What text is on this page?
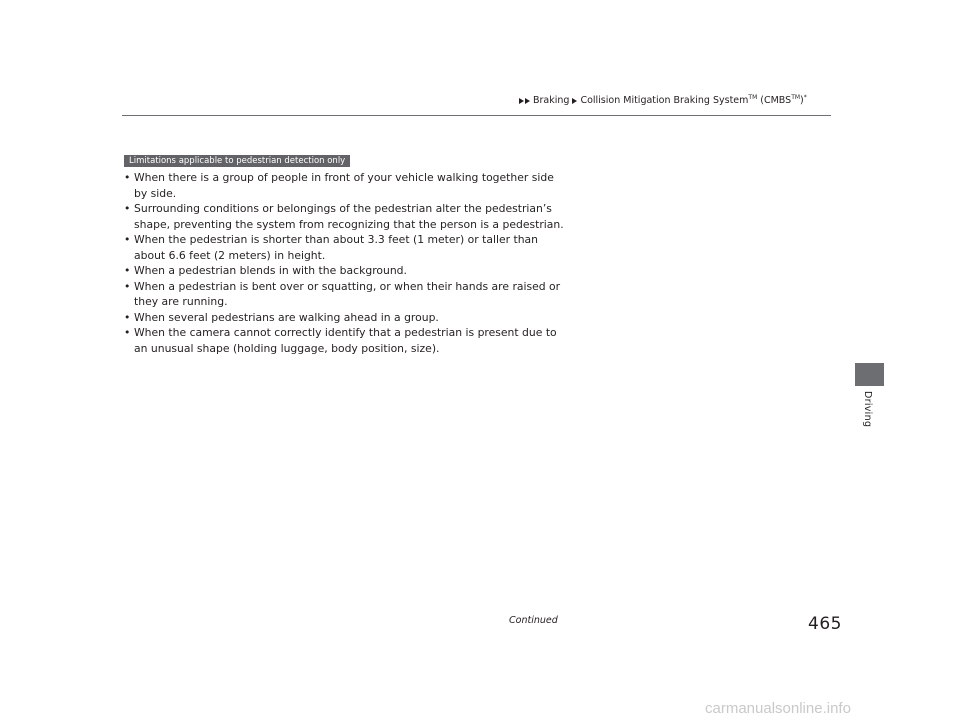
Braking Collision Mitigation Braking System™ (CMBS™)*
Limitations applicable to pedestrian detection only
• When there is a group of people in front of your vehicle walking together side by side.
• Surrounding conditions or belongings of the pedestrian alter the pedestrian’s shape, preventing the system from recognizing that the person is a pedestrian.
• When the pedestrian is shorter than about 3.3 feet (1 meter) or taller than about 6.6 feet (2 meters) in height.
• When a pedestrian blends in with the background.
• When a pedestrian is bent over or squatting, or when their hands are raised or they are running.
• When several pedestrians are walking ahead in a group.
• When the camera cannot correctly identify that a pedestrian is present due to an unusual shape (holding luggage, body position, size).
Driving
Continued	465
carmanualsonline.info
